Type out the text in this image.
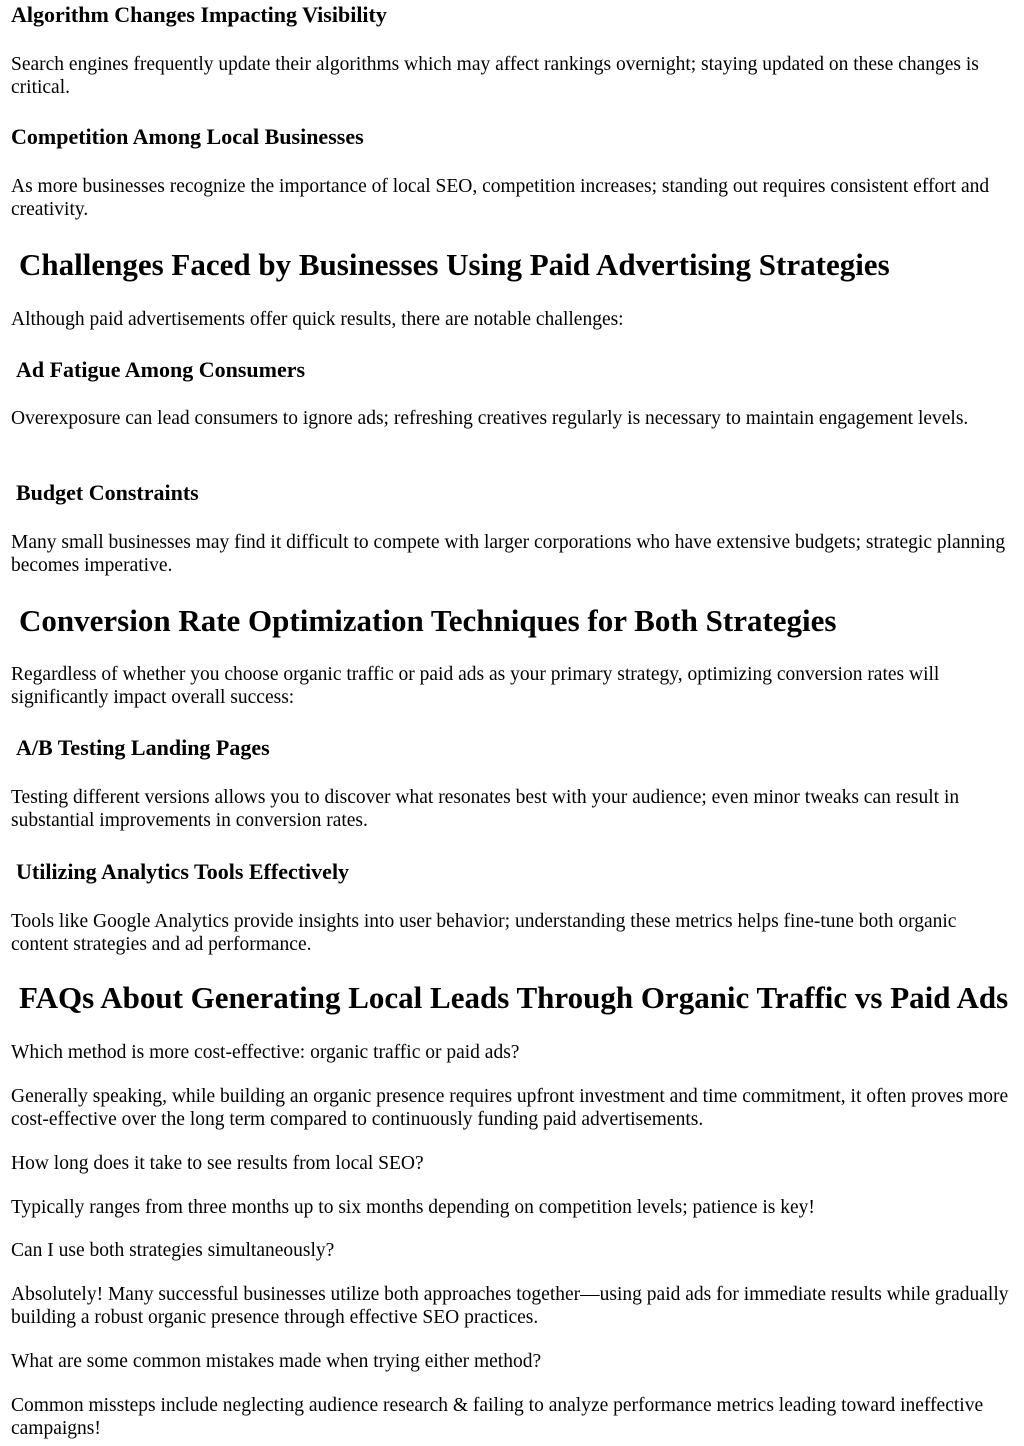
Algorithm Changes Impacting Visibility

Search engines frequently update their algorithms which may affect rankings overnight; staying updated on these changes is critical.

Competition Among Local Businesses

As more businesses recognize the importance of local SEO, competition increases; standing out requires consistent effort and creativity.

Challenges Faced by Businesses Using Paid Advertising Strategies

Although paid advertisements offer quick results, there are notable challenges:

Ad Fatigue Among Consumers

Overexposure can lead consumers to ignore ads; refreshing creatives regularly is necessary to maintain engagement levels.

Budget Constraints

Many small businesses may find it difficult to compete with larger corporations who have extensive budgets; strategic planning becomes imperative.

Conversion Rate Optimization Techniques for Both Strategies

Regardless of whether you choose organic traffic or paid ads as your primary strategy, optimizing conversion rates will significantly impact overall success:

A/B Testing Landing Pages

Testing different versions allows you to discover what resonates best with your audience; even minor tweaks can result in substantial improvements in conversion rates.

Utilizing Analytics Tools Effectively

Tools like Google Analytics provide insights into user behavior; understanding these metrics helps fine-tune both organic content strategies and ad performance.

FAQs About Generating Local Leads Through Organic Traffic vs Paid Ads

Which method is more cost-effective: organic traffic or paid ads?

Generally speaking, while building an organic presence requires upfront investment and time commitment, it often proves more cost-effective over the long term compared to continuously funding paid advertisements.

How long does it take to see results from local SEO?

Typically ranges from three months up to six months depending on competition levels; patience is key!

Can I use both strategies simultaneously?

Absolutely! Many successful businesses utilize both approaches together—using paid ads for immediate results while gradually building a robust organic presence through effective SEO practices.

What are some common mistakes made when trying either method?

Common missteps include neglecting audience research & failing to analyze performance metrics leading toward ineffective campaigns!
